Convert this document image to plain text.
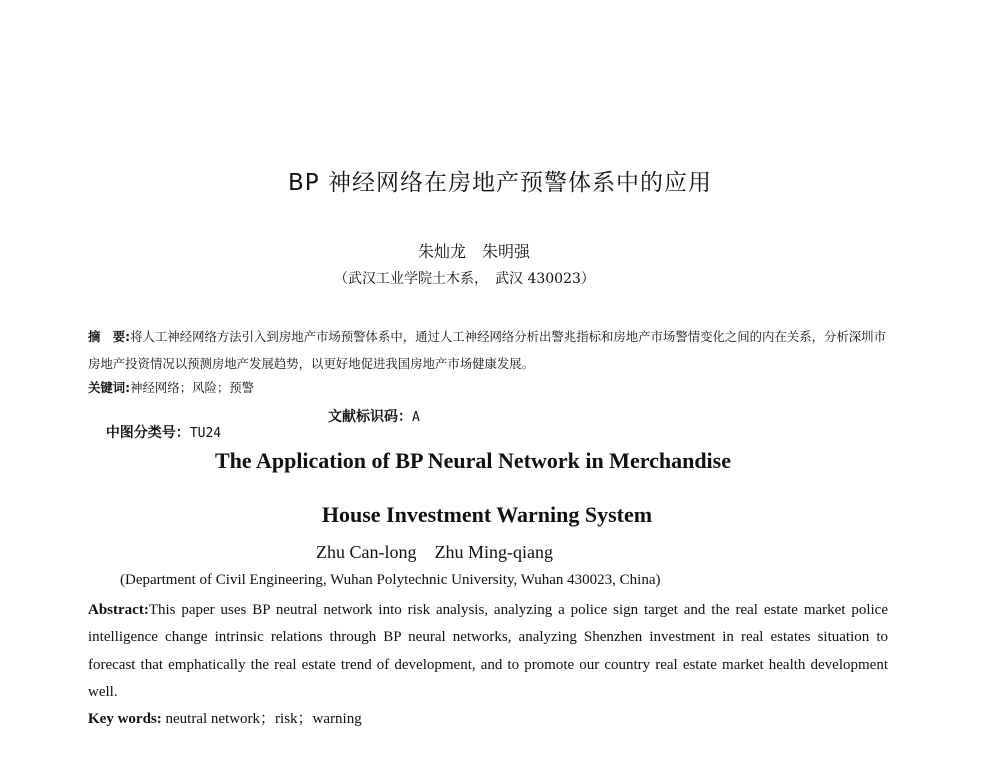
BP 神经网络在房地产预警体系中的应用
朱灿龙　朱明强
（武汉工业学院土木系，　武汉 430023）
摘　要:将人工神经网络方法引入到房地产市场预警体系中，通过人工神经网络分析出警兆指标和房地产市场警情变化之间的内在关系，分析深圳市房地产投资情况以预测房地产发展趋势，以更好地促进我国房地产市场健康发展。
关键词:神经网络；风险；预警

中图分类号：TU24

文献标识码：A

The Application of BP Neural Network in Merchandise
House Investment Warning System
Zhu Can-long    Zhu Ming-qiang
(Department of Civil Engineering, Wuhan Polytechnic University, Wuhan 430023, China)
Abstract:This paper uses BP neutral network into risk analysis, analyzing a police sign target and the real estate market police intelligence change intrinsic relations through BP neural networks, analyzing Shenzhen investment in real estates situation to forecast that emphatically the real estate trend of development, and to promote our country real estate market health development well.
Key words: neutral network；risk；warning
